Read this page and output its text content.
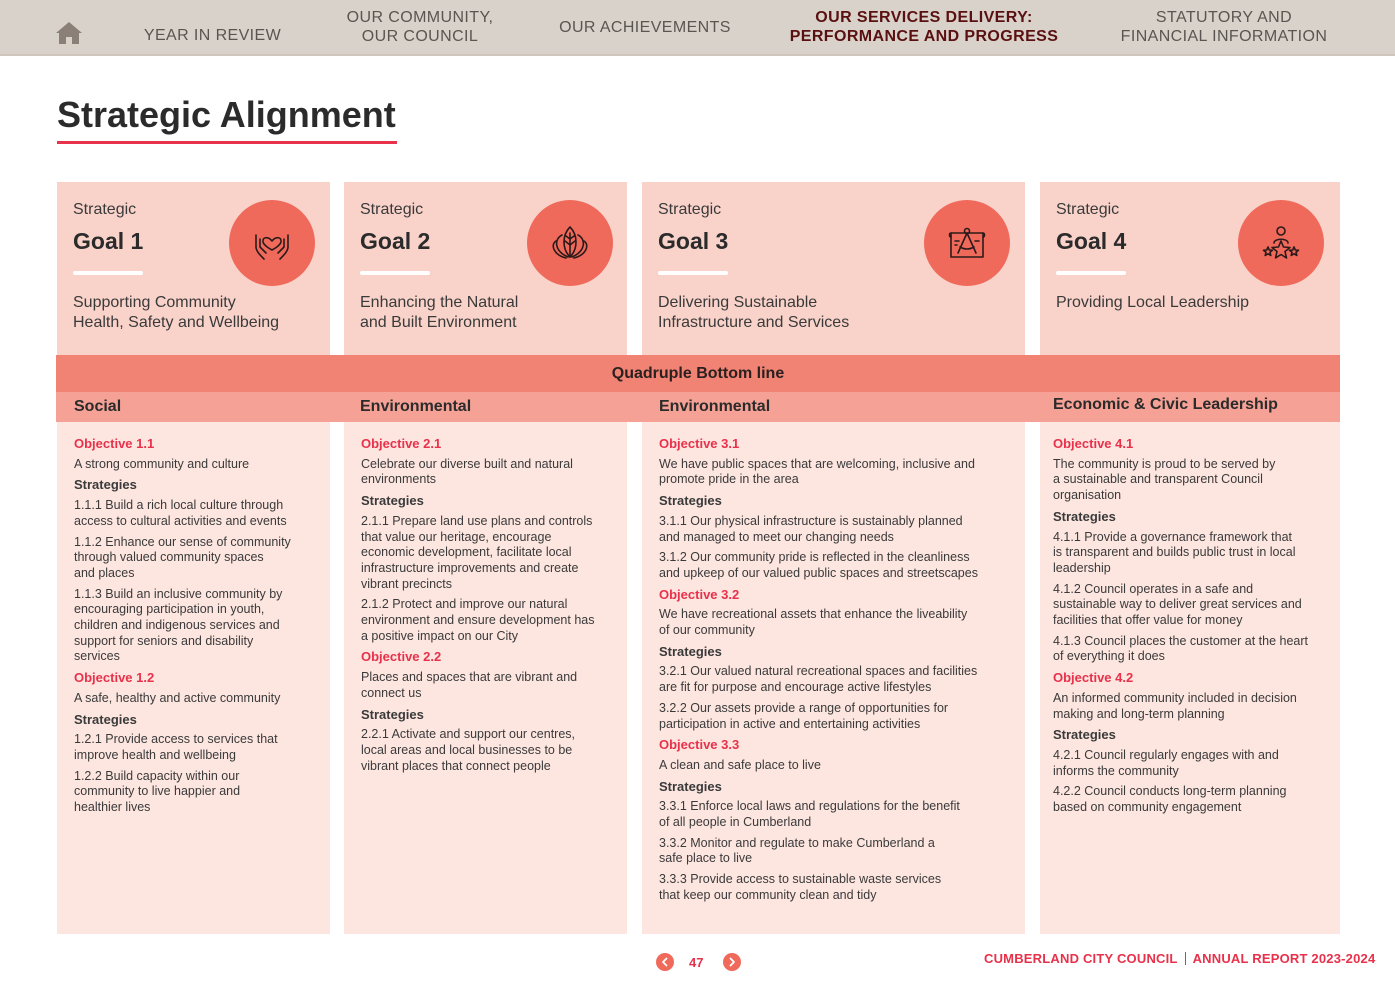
YEAR IN REVIEW
OUR COMMUNITY,
OUR COUNCIL
OUR ACHIEVEMENTS
OUR SERVICES DELIVERY:
PERFORMANCE AND PROGRESS
STATUTORY AND
FINANCIAL INFORMATION
Strategic Alignment
Strategic
Goal 1
Supporting Community
Health, Safety and Wellbeing
Strategic
Goal 2
Enhancing the Natural
and Built Environment
Strategic
Goal 3
Delivering Sustainable
Infrastructure and Services
Strategic
Goal 4
Providing Local Leadership
Quadruple Bottom line
Social	Environmental	Environmental	Economic & Civic Leadership
Objective 1.1
A strong community and culture
Strategies
1.1.1 Build a rich local culture through
access to cultural activities and events
1.1.2 Enhance our sense of community
through valued community spaces
and places
1.1.3 Build an inclusive community by
encouraging participation in youth,
children and indigenous services and
support for seniors and disability
services
Objective 1.2
A safe, healthy and active community
Strategies
1.2.1 Provide access to services that
improve health and wellbeing
1.2.2 Build capacity within our
community to live happier and
healthier lives
Objective 2.1
Celebrate our diverse built and natural
environments
Strategies
2.1.1 Prepare land use plans and controls
that value our heritage, encourage
economic development, facilitate local
infrastructure improvements and create
vibrant precincts
2.1.2 Protect and improve our natural
environment and ensure development has
a positive impact on our City
Objective 2.2
Places and spaces that are vibrant and
connect us
Strategies
2.2.1 Activate and support our centres,
local areas and local businesses to be
vibrant places that connect people
Objective 3.1
We have public spaces that are welcoming, inclusive and
promote pride in the area
Strategies
3.1.1 Our physical infrastructure is sustainably planned
and managed to meet our changing needs
3.1.2 Our community pride is reflected in the cleanliness
and upkeep of our valued public spaces and streetscapes
Objective 3.2
We have recreational assets that enhance the liveability
of our community
Strategies
3.2.1 Our valued natural recreational spaces and facilities
are fit for purpose and encourage active lifestyles
3.2.2 Our assets provide a range of opportunities for
participation in active and entertaining activities
Objective 3.3
A clean and safe place to live
Strategies
3.3.1 Enforce local laws and regulations for the benefit
of all people in Cumberland
3.3.2 Monitor and regulate to make Cumberland a
safe place to live
3.3.3 Provide access to sustainable waste services
that keep our community clean and tidy
Objective 4.1
The community is proud to be served by
a sustainable and transparent Council
organisation
Strategies
4.1.1 Provide a governance framework that
is transparent and builds public trust in local
leadership
4.1.2 Council operates in a safe and
sustainable way to deliver great services and
facilities that offer value for money
4.1.3 Council places the customer at the heart
of everything it does
Objective 4.2
An informed community included in decision
making and long-term planning
Strategies
4.2.1 Council regularly engages with and
informs the community
4.2.2 Council conducts long-term planning
based on community engagement
47	CUMBERLAND CITY COUNCIL ANNUAL REPORT 2023-2024
